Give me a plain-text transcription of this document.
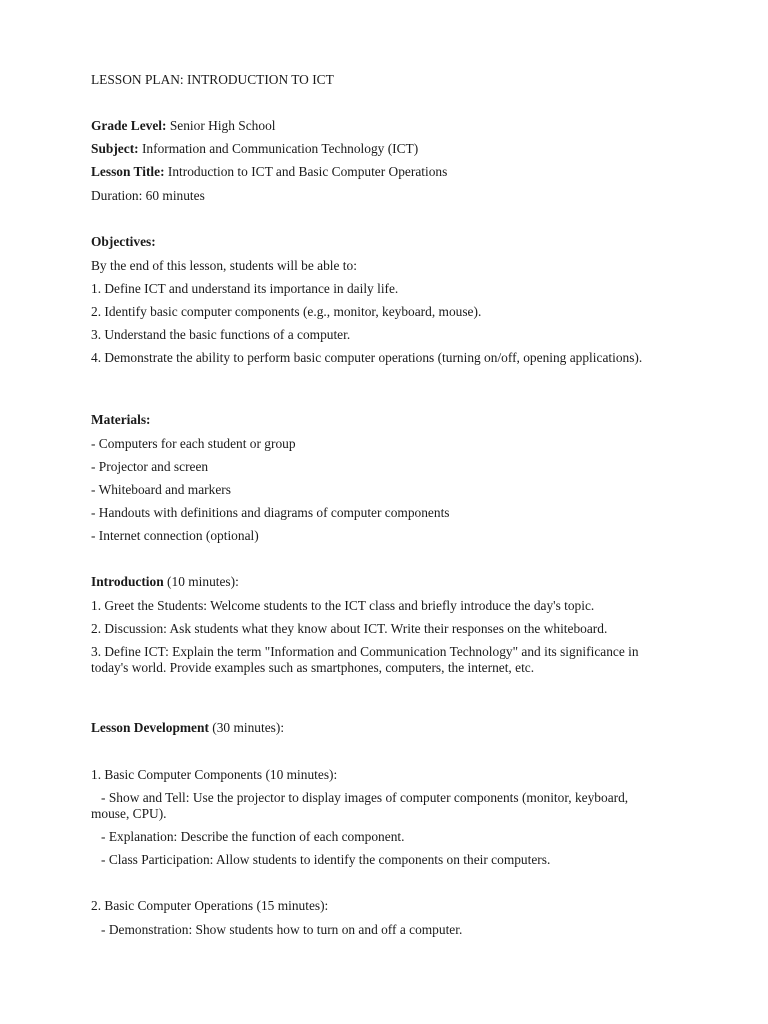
LESSON PLAN: INTRODUCTION TO ICT
Grade Level: Senior High School
Subject: Information and Communication Technology (ICT)
Lesson Title: Introduction to ICT and Basic Computer Operations
Duration: 60 minutes
Objectives:
By the end of this lesson, students will be able to:
1. Define ICT and understand its importance in daily life.
2. Identify basic computer components (e.g., monitor, keyboard, mouse).
3. Understand the basic functions of a computer.
4. Demonstrate the ability to perform basic computer operations (turning on/off, opening applications).
Materials:
- Computers for each student or group
- Projector and screen
- Whiteboard and markers
- Handouts with definitions and diagrams of computer components
- Internet connection (optional)
Introduction (10 minutes):
1. Greet the Students: Welcome students to the ICT class and briefly introduce the day's topic.
2. Discussion: Ask students what they know about ICT. Write their responses on the whiteboard.
3. Define ICT: Explain the term "Information and Communication Technology" and its significance in today's world. Provide examples such as smartphones, computers, the internet, etc.
Lesson Development (30 minutes):
1. Basic Computer Components (10 minutes):
- Show and Tell: Use the projector to display images of computer components (monitor, keyboard, mouse, CPU).
- Explanation: Describe the function of each component.
- Class Participation: Allow students to identify the components on their computers.
2. Basic Computer Operations (15 minutes):
- Demonstration: Show students how to turn on and off a computer.
